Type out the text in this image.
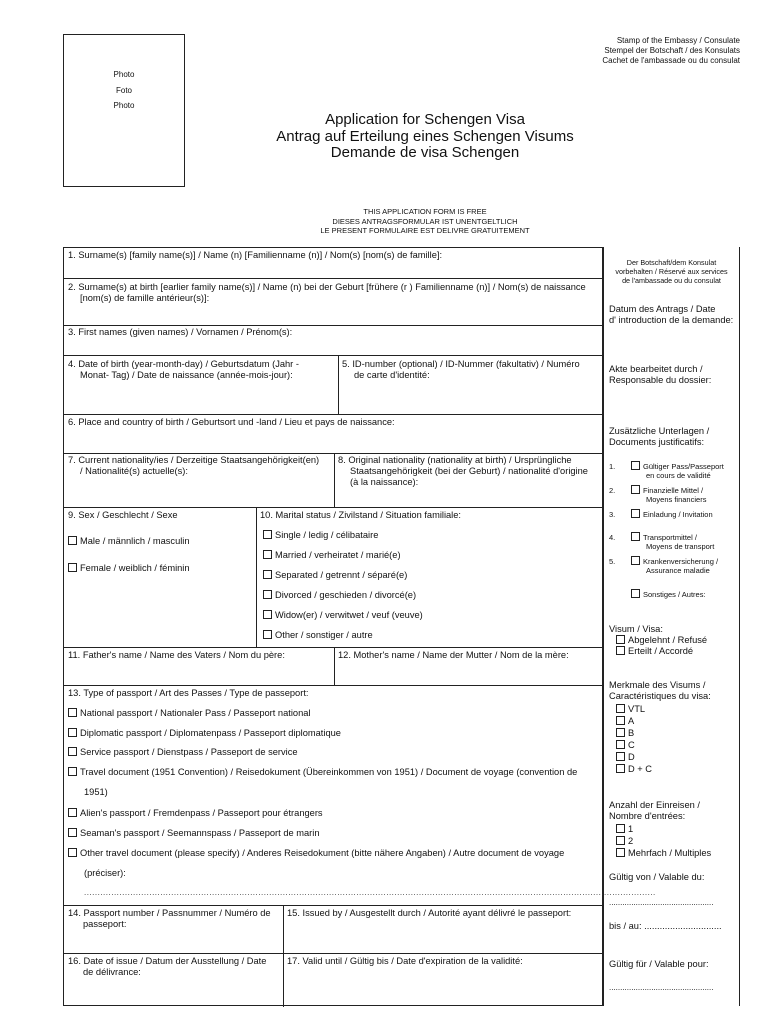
Photo
Foto
Photo
Stamp of the Embassy / Consulate
Stempel der Botschaft / des Konsulats
Cachet de l'ambassade ou du consulat
Application for Schengen Visa
Antrag auf Erteilung eines Schengen Visums
Demande de visa Schengen
THIS APPLICATION FORM IS FREE
DIESES ANTRAGSFORMULAR IST UNENTGELTLICH
LE PRESENT FORMULAIRE EST DELIVRE GRATUITEMENT
1. Surname(s) [family name(s)] / Name (n) [Familienname (n)] / Nom(s) [nom(s) de famille]:
2. Surname(s) at birth [earlier family name(s)] / Name (n) bei der Geburt [frühere (r ) Familienname (n)] / Nom(s) de naissance
[nom(s) de famille antérieur(s)]:
3. First names (given names) / Vornamen / Prénom(s):
4. Date of birth (year-month-day) / Geburtsdatum (Jahr -
Monat- Tag) / Date de naissance (année-mois-jour):
5. ID-number (optional) / ID-Nummer (fakultativ) / Numéro
de carte d'identité:
6. Place and country of birth / Geburtsort und -land / Lieu et pays de naissance:
7. Current nationality/ies / Derzeitige Staatsangehörigkeit(en)
/ Nationalité(s) actuelle(s):
8. Original nationality (nationality at birth) / Ursprüngliche
Staatsangehörigkeit (bei der Geburt) / nationalité d'origine
(à la naissance):
9. Sex / Geschlecht / Sexe
Male / männlich / masculin
Female / weiblich / féminin
10. Marital status / Zivilstand / Situation familiale:
Single / ledig / célibataire
Married / verheiratet / marié(e)
Separated / getrennt / séparé(e)
Divorced / geschieden / divorcé(e)
Widow(er) / verwitwet / veuf (veuve)
Other / sonstiger / autre
11. Father's name / Name des Vaters / Nom du père:	12. Mother's name / Name der Mutter / Nom de la mère:
13. Type of passport / Art des Passes / Type de passeport:
National passport / Nationaler Pass / Passeport national
Diplomatic passport / Diplomatenpass / Passeport diplomatique
Service passport / Dienstpass / Passeport de service
Travel document (1951 Convention) / Reisedokument (Übereinkommen von 1951) / Document de voyage (convention de
1951)
Alien's passport / Fremdenpass / Passeport pour étrangers
Seaman's passport / Seemannspass / Passeport de marin
Other travel document (please specify) / Anderes Reisedokument (bitte nähere Angaben) / Autre document de voyage
(préciser):
..................................................................................................................................................................................................................
14. Passport number / Passnummer / Numéro de
passeport:
15. Issued by / Ausgestellt durch / Autorité ayant délivré le passeport:
16. Date of issue / Datum der Ausstellung / Date
de délivrance:
17. Valid until / Gültig bis / Date d'expiration de la validité:
Der Botschaft/dem Konsulat
vorbehalten / Réservé aux services
de l'ambassade ou du consulat
Datum des Antrags / Date
d' introduction de la demande:
Akte bearbeitet durch /
Responsable du dossier:
Zusätzliche Unterlagen /
Documents justificatifs:
1.	Gültiger Pass/Passeport
en cours de validité
2.	Finanzielle Mittel /
Moyens financiers
3.	Einladung / Invitation
4.	Transportmittel /
Moyens de transport
5.	Krankenversicherung /
Assurance maladie
Sonstiges / Autres:
Visum / Visa:
Abgelehnt / Refusé
Erteilt / Accordé
Merkmale des Visums /
Caractéristiques du visa:
VTL
A
B
C
D
D + C
Anzahl der Einreisen /
Nombre d'entrées:
1
2
Mehrfach / Multiples
Gültig von / Valable du:
...............................................
bis / au: ..............................
Gültig für / Valable pour:
...............................................
